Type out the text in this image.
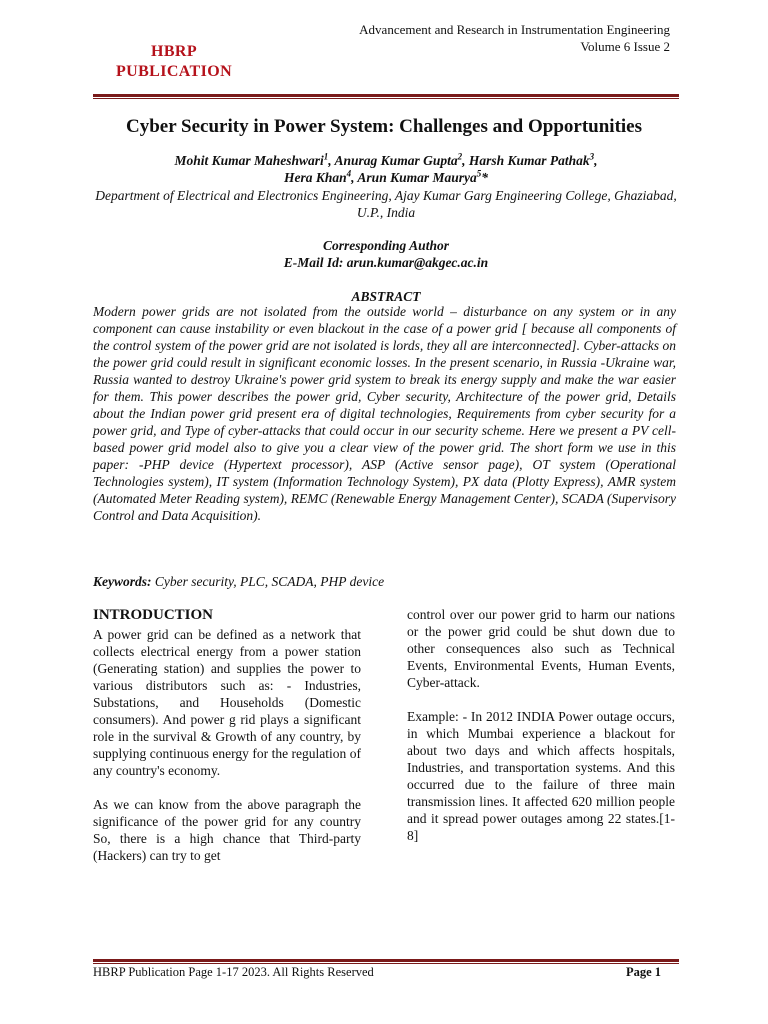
Advancement and Research in Instrumentation Engineering
Volume 6 Issue 2
HBRP
PUBLICATION
Cyber Security in Power System: Challenges and Opportunities
Mohit Kumar Maheshwari$^1$, Anurag Kumar Gupta$^2$, Harsh Kumar Pathak$^3$,
Hera Khan$^4$, Arun Kumar Maurya$^5$*
Department of Electrical and Electronics Engineering, Ajay Kumar Garg Engineering College, Ghaziabad, U.P., India
Corresponding Author
E-Mail Id: arun.kumar@akgec.ac.in
ABSTRACT
Modern power grids are not isolated from the outside world – disturbance on any system or in any component can cause instability or even blackout in the case of a power grid [ because all components of the control system of the power grid are not isolated is lords, they all are interconnected]. Cyber-attacks on the power grid could result in significant economic losses. In the present scenario, in Russia -Ukraine war, Russia wanted to destroy Ukraine's power grid system to break its energy supply and make the war easier for them. This power describes the power grid, Cyber security, Architecture of the power grid, Details about the Indian power grid present era of digital technologies, Requirements from cyber security for a power grid, and Type of cyber-attacks that could occur in our security scheme. Here we present a PV cell-based power grid model also to give you a clear view of the power grid. The short form we use in this paper: -PHP device (Hypertext processor), ASP (Active sensor page), OT system (Operational Technologies system), IT system (Information Technology System), PX data (Plotty Express), AMR system (Automated Meter Reading system), REMC (Renewable Energy Management Center), SCADA (Supervisory Control and Data Acquisition).
Keywords: Cyber security, PLC, SCADA, PHP device
INTRODUCTION

A power grid can be defined as a network that collects electrical energy from a power station (Generating station) and supplies the power to various distributors such as: - Industries, Substations, and Households (Domestic consumers). And power g rid plays a significant role in the survival & Growth of any country, by supplying continuous energy for the regulation of any country's economy.

As we can know from the above paragraph the significance of the power grid for any country So, there is a high chance that Third-party (Hackers) can try to get

control over our power grid to harm our nations or the power grid could be shut down due to other consequences also such as Technical Events, Environmental Events, Human Events, Cyber-attack.

Example: - In 2012 INDIA Power outage occurs, in which Mumbai experience a blackout for about two days and which affects hospitals, Industries, and transportation systems. And this occurred due to the failure of three main transmission lines. It affected 620 million people and it spread power outages among 22 states.[1-8]

HBRP Publication Page 1-17 2023. All Rights Reserved	Page 1
